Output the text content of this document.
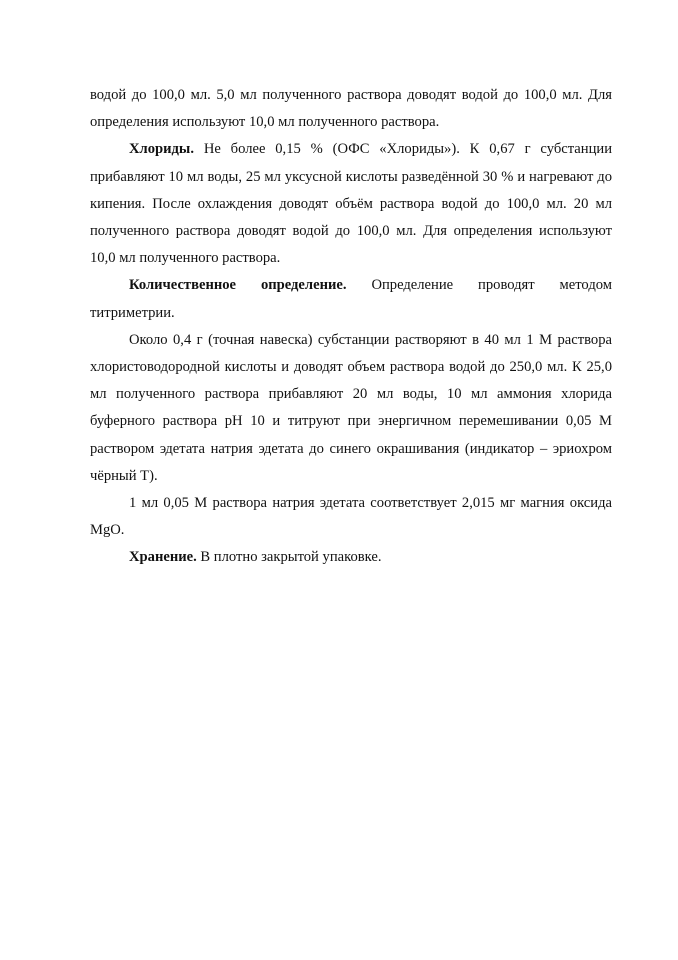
водой до 100,0 мл. 5,0 мл полученного раствора доводят водой до 100,0 мл. Для определения используют 10,0 мл полученного раствора.

Хлориды. Не более 0,15 % (ОФС «Хлориды»). К 0,67 г субстанции прибавляют 10 мл воды, 25 мл уксусной кислоты разведённой 30 % и нагревают до кипения. После охлаждения доводят объём раствора водой до 100,0 мл. 20 мл полученного раствора доводят водой до 100,0 мл. Для определения используют 10,0 мл полученного раствора.

Количественное определение. Определение проводят методом титриметрии.

Около 0,4 г (точная навеска) субстанции растворяют в 40 мл 1 М раствора хлористоводородной кислоты и доводят объем раствора водой до 250,0 мл. К 25,0 мл полученного раствора прибавляют 20 мл воды, 10 мл аммония хлорида буферного раствора pH 10 и титруют при энергичном перемешивании 0,05 М раствором эдетата натрия эдетата до синего окрашивания (индикатор – эриохром чёрный Т).

1 мл 0,05 М раствора натрия эдетата соответствует 2,015 мг магния оксида MgO.

Хранение. В плотно закрытой упаковке.
